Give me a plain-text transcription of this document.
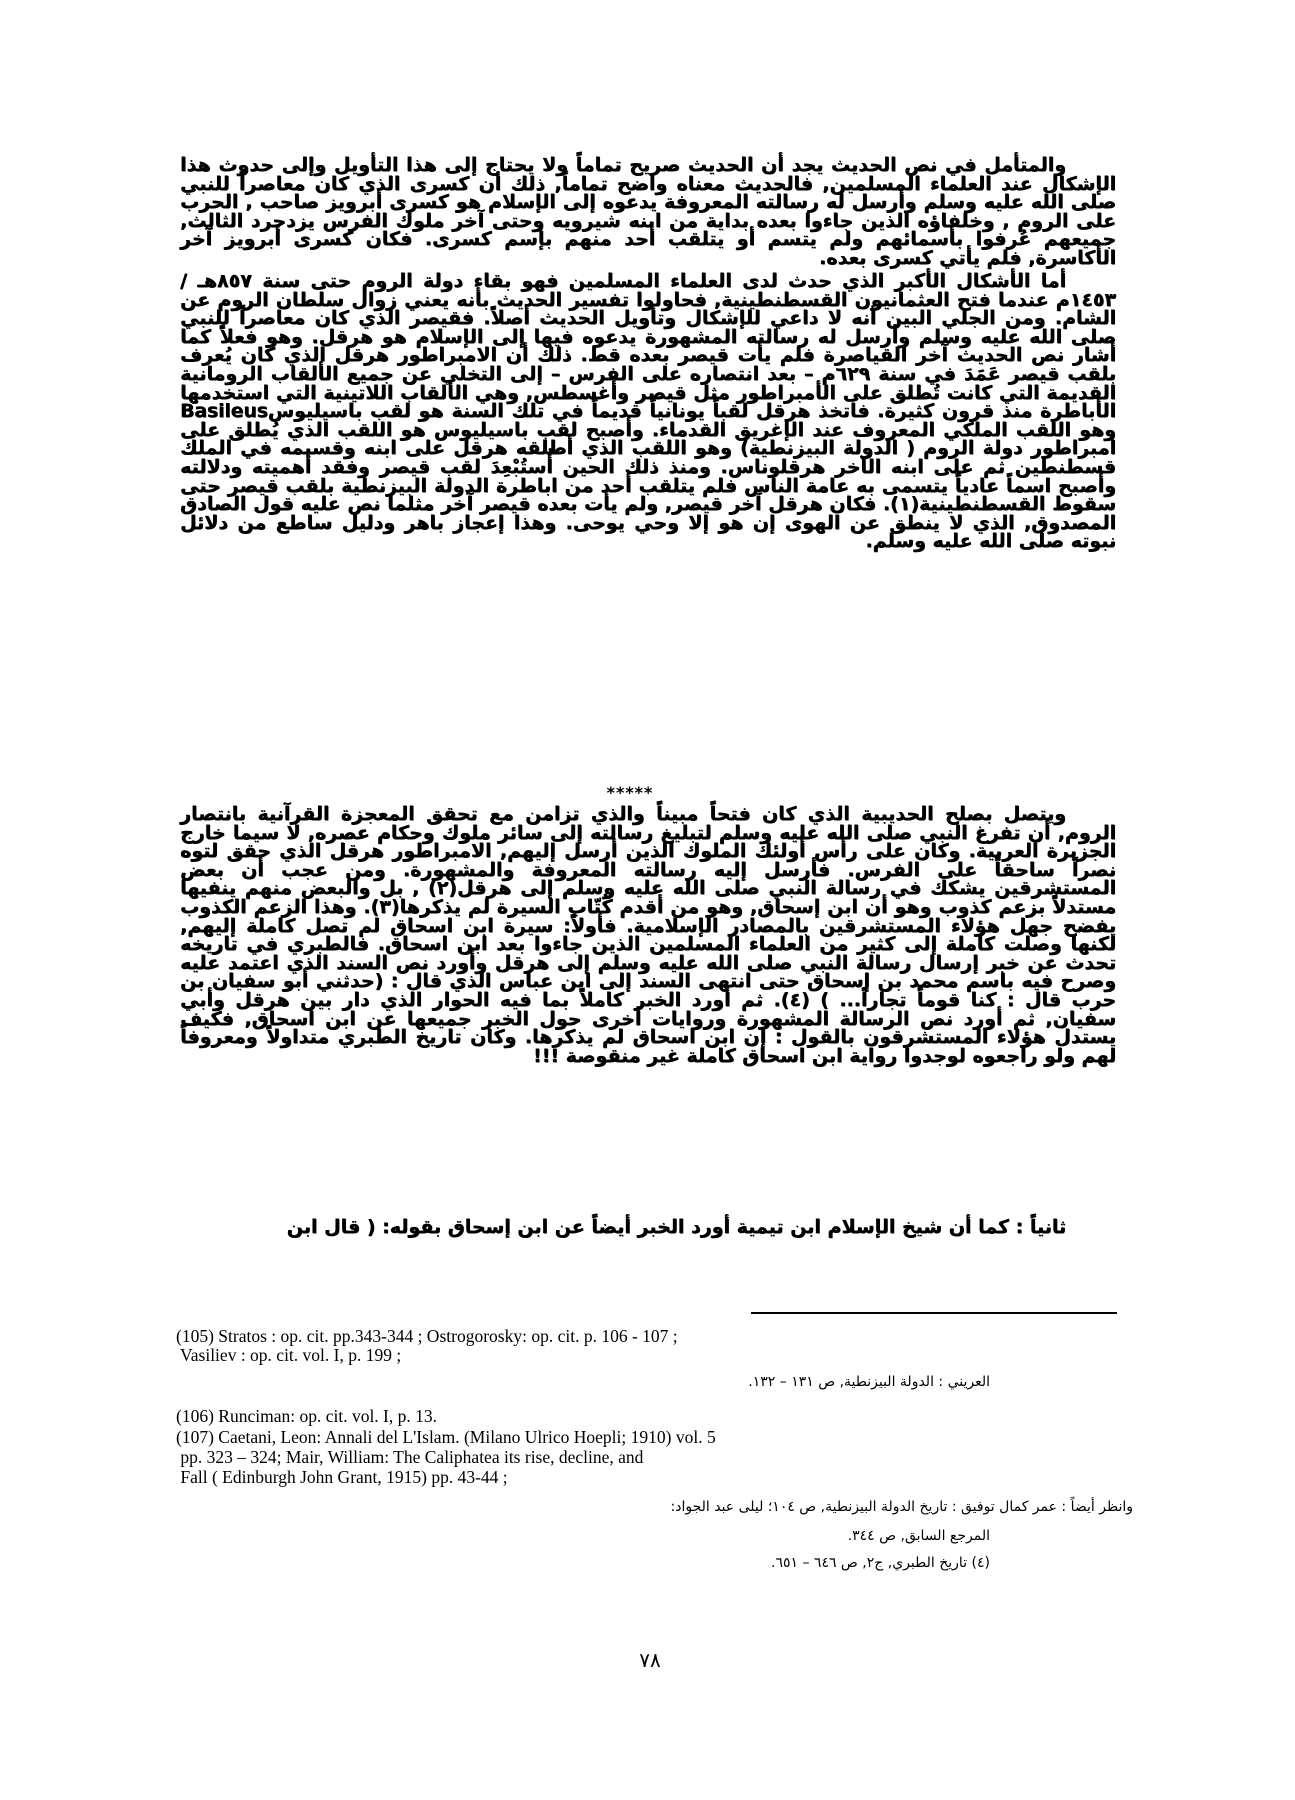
والمتأمل في نص الحديث يجد أن الحديث صريح تماماً ولا يحتاج إلى هذا التأويل وإلى حدوث هذا الإشكال عند العلماء المسلمين, فالحديث معناه واضح تماماً, ذلك أن كسرى الذي كان معاصراً للنبي صلى الله عليه وسلم وأرسل له رسالته المعروفة يدعوه إلى الإسلام هو كسرى أبرويز صاحب , الحرب على الروم , وخلفاؤه الذين جاءوا بعده بداية من ابنه شيرويه وحتى آخر ملوك الفرس يزدجرد الثالث, جميعهم عُرفوا بأسمائهم ولم يتسم أو يتلقب أحد منهم بإسم كسرى. فكان كسرى أبرويز آخر الأكاسرة, فلم يأتي كسرى بعده.

أما الأشكال الأكبر الذي حدث لدى العلماء المسلمين فهو بقاء دولة الروم حتى سنة ٨٥٧هـ / ١٤٥٣م عندما فتح العثمانيون القسطنطينية, فحاولوا تفسير الحديث بأنه يعني زوال سلطان الروم عن الشام. ومن الجلي البين أنه لا داعي للإشكال وتأويل الحديث أصلاً. فقيصر الذي كان معاصراً للنبي صلى الله عليه وسلم وأرسل له رسالته المشهورة يدعوه فيها إلى الإسلام هو هرقل. وهو فعلاً كما أشار نص الحديث آخر القياصرة فلم يأت قيصر بعده قط. ذلك أن الامبراطور هرقل الذي كان يُعرف بلقب قيصر عَمَدَ في سنة ٦٢٩م – بعد انتصاره على الفرس – إلى التخلي عن جميع الألقاب الرومانية القديمة التي كانت تُطلق على الأمبراطور مثل قيصر وأغسطس, وهي الألقاب اللاتينية التي استخدمها الأباطرة منذ قرون كثيرة. فاتخذ هرقل لقباً يونانياً قديماً في تلك السنة هو لقب باسيليوسBasileus وهو اللقب الملكي المعروف عند الإغريق القدماء. وأصبح لقب باسيليوس هو اللقب الذي يُطلق على امبراطور دولة الروم ( الدولة البيزنطية) وهو اللقب الذي أطلقه هرقل على ابنه وقسيمه في الملك قسطنطين ثم على ابنه الآخر هرقلوناس. ومنذ ذلك الحين أُستُبْعِدَ لقب قيصر وفقد أهميته ودلالته وأصبح اسماً عادياً يتسمى به عامة الناس فلم يتلقب أحد من اباطرة الدولة البيزنطية بلقب قيصر حتى سقوط القسطنطينية(١). فكان هرقل آخر قيصر, ولم يأت بعده قيصر آخر مثلما نص عليه قول الصادق المصدوق, الذي لا ينطق عن الهوى إن هو إلا وحي يوحى. وهذا إعجاز باهر ودليل ساطع من دلائل نبوته صلى الله عليه وسلم.

*****

ويتصل بصلح الحديبية الذي كان فتحاً مبيناً والذي تزامن مع تحقق المعجزة القرآنية بانتصار الروم, أن تفرغ النبي صلى الله عليه وسلم لتبليغ رسالته إلى سائر ملوك وحكام عصره, لا سيما خارج الجزيرة العربية. وكان على رأس أولئك الملوك الذين أرسل إليهم, الامبراطور هرقل الذي حقق لتوه نصراً ساحقاً على الفرس. فأرسل إليه رسالته المعروفة والمشهورة. ومن عجب أن بعض المستشرقين يشكك في رسالة النبي صلى الله عليه وسلم إلى هرقل(٢) , بل والبعض منهم ينفيها مستدلاً بزعم كذوب وهو أن ابن إسحاق, وهو من أقدم كُتّاب السيرة لم يذكرها(٣). وهذا الزعم الكذوب يفضح جهل هؤلاء المستشرقين بالمصادر الإسلامية. فأولاً: سيرة ابن اسحاق لم تصل كاملة إليهم, لكنها وصلت كاملة إلى كثير من العلماء المسلمين الذين جاءوا بعد ابن اسحاق. فالطبري في تاريخه تحدث عن خبر إرسال رسالة النبي صلى الله عليه وسلم إلى هرقل وأورد نص السند الذي اعتمد عليه وصرح فيه باسم محمد بن إسحاق حتى انتهى السند إلى ابن عباس الذي قال : (حدثني أبو سفيان بن حرب قال : كنا قوماً تجاراً... ) (٤). ثم أورد الخبر كاملاً بما فيه الحوار الذي دار بين هرقل وأبي سفيان, ثم أورد نص الرسالة المشهورة وروايات أخرى حول الخبر جميعها عن ابن اسحاق, فكيف يستدل هؤلاء المستشرقون بالقول : إن ابن اسحاق لم يذكرها. وكان تاريخ الطبري متداولاً ومعروفاً لهم ولو راجعوه لوجدوا رواية ابن اسحاق كاملة غير منقوصة !!!

ثانياً : كما أن شيخ الإسلام ابن تيمية أورد الخبر أيضاً عن ابن إسحاق بقوله: ( قال ابن

(105) Stratos : op. cit. pp.343-344 ; Ostrogorosky: op. cit. p. 106 - 107 ;
Vasiliev : op. cit. vol. I, p. 199 ;
العريني : الدولة البيزنطية, ص ١٣١ – ١٣٢.
(106) Runciman: op. cit. vol. I, p. 13.
(107) Caetani, Leon: Annali del L'Islam. (Milano Ulrico Hoepli; 1910) vol. 5
pp. 323 – 324; Mair, William: The Caliphatea its rise, decline, and
Fall ( Edinburgh John Grant, 1915) pp. 43-44 ;
وانظر أيضاً : عمر كمال توفيق : تاريخ الدولة البيزنطية, ص ١٠٤؛ ليلى عبد الجواد:
المرجع السابق, ص ٣٤٤.
(٤) تاريخ الطبري, ج٢, ص ٦٤٦ – ٦٥١.
٧٨
